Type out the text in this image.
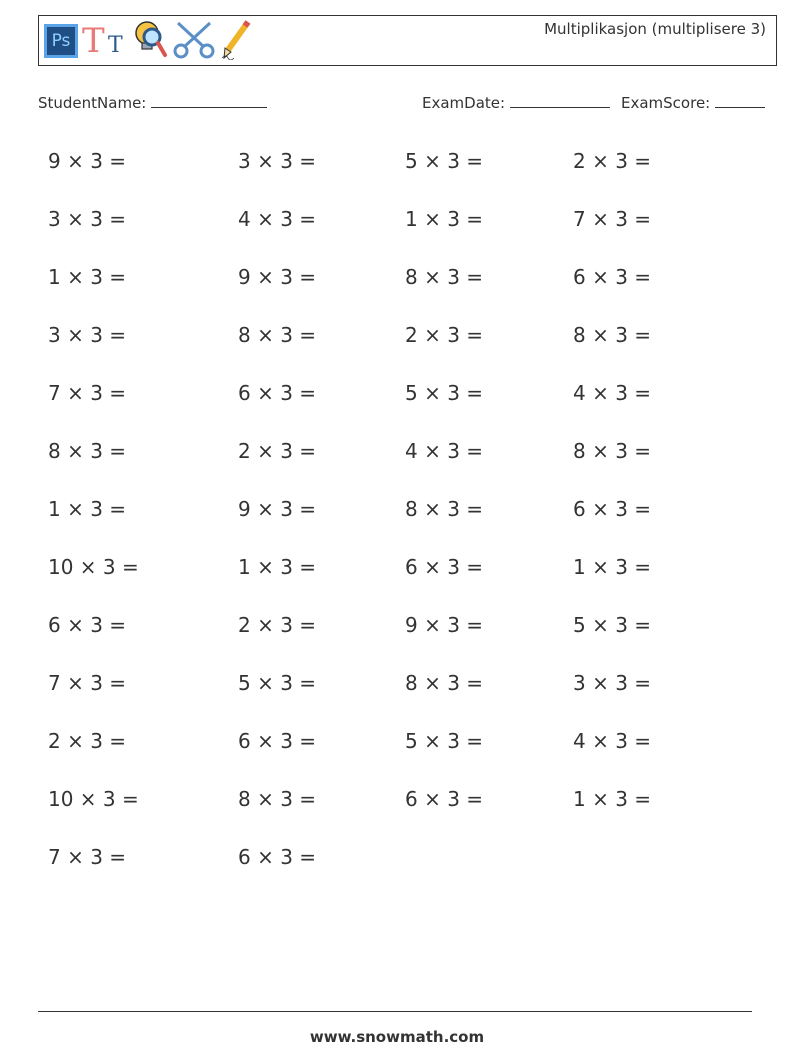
Ps T T
Multiplikasjon (multiplisere 3)
StudentName:	ExamDate:	ExamScore:
9 × 3 =	3 × 3 =	5 × 3 =	2 × 3 =
3 × 3 =	4 × 3 =	1 × 3 =	7 × 3 =
1 × 3 =	9 × 3 =	8 × 3 =	6 × 3 =
3 × 3 =	8 × 3 =	2 × 3 =	8 × 3 =
7 × 3 =	6 × 3 =	5 × 3 =	4 × 3 =
8 × 3 =	2 × 3 =	4 × 3 =	8 × 3 =
1 × 3 =	9 × 3 =	8 × 3 =	6 × 3 =
10 × 3 =	1 × 3 =	6 × 3 =	1 × 3 =
6 × 3 =	2 × 3 =	9 × 3 =	5 × 3 =
7 × 3 =	5 × 3 =	8 × 3 =	3 × 3 =
2 × 3 =	6 × 3 =	5 × 3 =	4 × 3 =
10 × 3 =	8 × 3 =	6 × 3 =	1 × 3 =
7 × 3 =	6 × 3 =
www.snowmath.com
